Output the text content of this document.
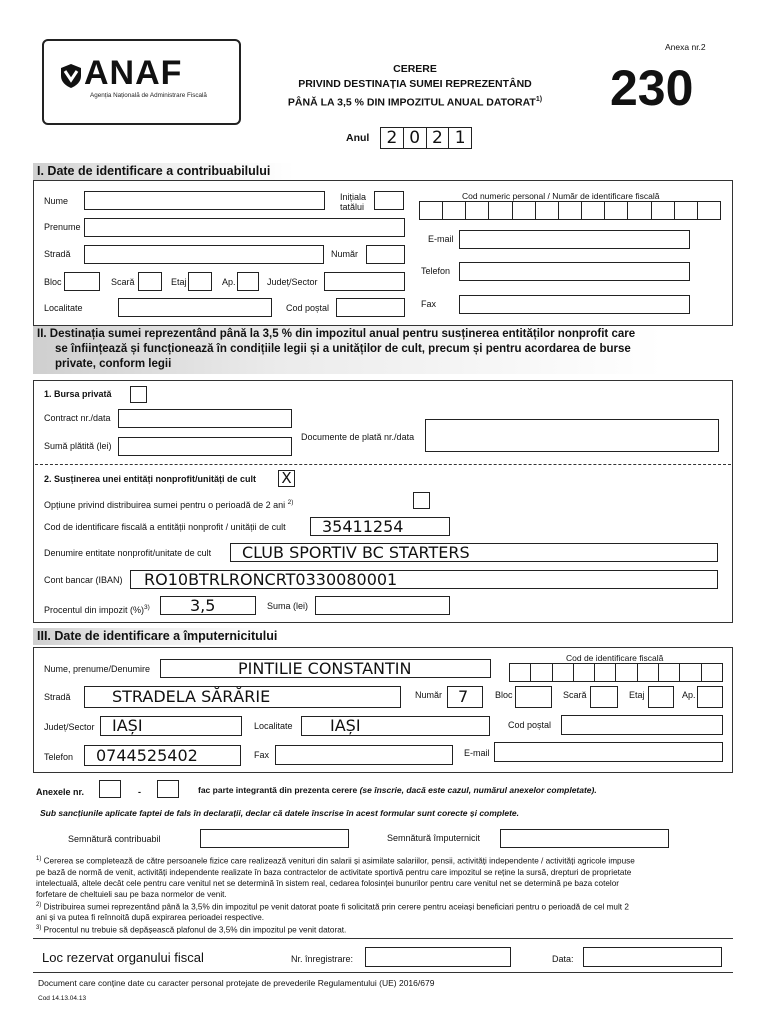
Anexa nr.2
ANAF
Agenția Națională de Administrare Fiscală
CERERE
PRIVIND DESTINAȚIA SUMEI REPREZENTÂND
PÂNĂ LA 3,5 % DIN IMPOZITUL ANUAL DATORAT$^{1)}$	230
Anul	2 0 2 1
I. Date de identificare a contribuabilului
Nume	Inițiala
tatălui
Cod numeric personal / Număr de identificare fiscală
Prenume
E-mail
Stradă	Număr
Telefon
Bloc	Scară	Etaj	Ap.	Județ/Sector
Localitate	Cod poștal	Fax
II. Destinația sumei reprezentând până la 3,5 % din impozitul anual pentru susținerea entităților nonprofit care
se înființează și funcționează în condițiile legii și a unităților de cult, precum și pentru acordarea de burse
private, conform legii
1. Bursa privată
Contract nr./data
Sumă plătită (lei)
Documente de plată nr./data
2. Susținerea unei entități nonprofit/unități de cult X
Opțiune privind distribuirea sumei pentru o perioadă de 2 ani $^{2)}$
Cod de identificare fiscală a entității nonprofit / unității de cult 35411254
Denumire entitate nonprofit/unitate de cult CLUB SPORTIV BC STARTERS
Cont bancar (IBAN) RO10BTRLRONCRT0330080001
Procentul din impozit (%)$^{3)}$	3,5	Suma (lei)
III. Date de identificare a împuternicitului
Nume, prenume/Denumire	PINTILIE CONSTANTIN
Cod de identificare fiscală
Stradă	STRADELA SĂRĂRIE	Număr 7	Bloc	Scară	Etaj	Ap.
Județ/Sector IAȘI	Localitate IAȘI	Cod poștal
Telefon 0744525402	Fax	E-mail
Anexele nr.	-	fac parte integrantă din prezenta cerere (se înscrie, dacă este cazul, numărul anexelor completate).
Sub sancțiunile aplicate faptei de fals în declarații, declar că datele înscrise în acest formular sunt corecte și complete.
Semnătură contribuabil	Semnătură împuternicit
$^{1)}$ Cererea se completează de către persoanele fizice care realizează venituri din salarii și asimilate salariilor, pensii, activități independente / activități agricole impuse
pe bază de normă de venit, activități independente realizate în baza contractelor de activitate sportivă pentru care impozitul se reține la sursă, drepturi de proprietate
intelectuală, altele decât cele pentru care venitul net se determină în sistem real, cedarea folosinței bunurilor pentru care venitul net se determină pe baza cotelor
forfetare de cheltuieli sau pe baza normelor de venit.
$^{2)}$ Distribuirea sumei reprezentând până la 3,5% din impozitul pe venit datorat poate fi solicitată prin cerere pentru aceiași beneficiari pentru o perioadă de cel mult 2
ani și va putea fi reînnoită după expirarea perioadei respective.
$^{3)}$ Procentul nu trebuie să depășească plafonul de 3,5% din impozitul pe venit datorat.
Loc rezervat organului fiscal	Nr. înregistrare:	Data:
Document care conține date cu caracter personal protejate de prevederile Regulamentului (UE) 2016/679
Cod 14.13.04.13
